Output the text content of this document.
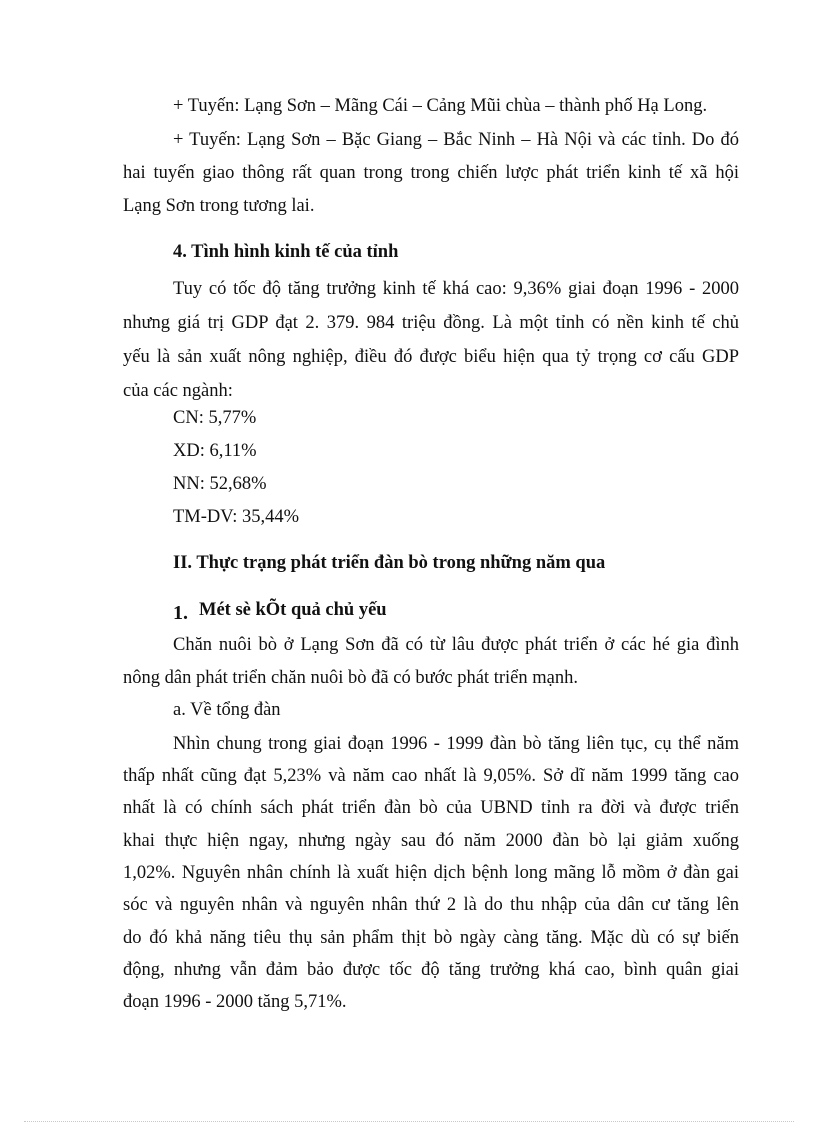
+ Tuyến: Lạng Sơn – Mãng Cái – Cảng Mũi chùa – thành phố Hạ Long.
+ Tuyến: Lạng Sơn – Bặc Giang – Bắc Ninh – Hà Nội và các tỉnh. Do đó
hai tuyến giao thông rất quan trong trong chiến lược phát triển kinh tế xã hội
Lạng Sơn trong tương lai.
4. Tình hình kinh tế của tỉnh
Tuy có tốc độ tăng trưởng kinh tế khá cao: 9,36% giai đoạn 1996 - 2000
nhưng giá trị GDP đạt 2. 379. 984 triệu đồng. Là một tỉnh có nền kinh tế chủ
yếu là sản xuất nông nghiệp, điều đó được biểu hiện qua tỷ trọng cơ cấu GDP
của các ngành:
CN: 5,77%
XD: 6,11%
NN: 52,68%
TM-DV: 35,44%
II. Thực trạng phát triển đàn bò trong những năm qua
1. Mét sè kÕt quả chủ yếu
Chăn nuôi bò ở Lạng Sơn đã có từ lâu được phát triển ở các hé gia đình
nông dân phát triển chăn nuôi bò đã có bước phát triển mạnh.
a. Về tổng đàn
Nhìn chung trong giai đoạn 1996 - 1999 đàn bò tăng liên tục, cụ thể năm
thấp nhất cũng đạt 5,23% và năm cao nhất là 9,05%. Sở dĩ năm 1999 tăng cao
nhất là có chính sách phát triển đàn bò của UBND tỉnh ra đời và được triển
khai thực hiện ngay, nhưng ngày sau đó năm 2000 đàn bò lại giảm xuống
1,02%. Nguyên nhân chính là xuất hiện dịch bệnh long mãng lỗ mồm ở đàn gai
sóc và nguyên nhân và nguyên nhân thứ 2 là do thu nhập của dân cư tăng lên
do đó khả năng tiêu thụ sản phẩm thịt bò ngày càng tăng. Mặc dù có sự biến
động, nhưng vẫn đảm bảo được tốc độ tăng trưởng khá cao, bình quân giai
đoạn 1996 - 2000 tăng 5,71%.
